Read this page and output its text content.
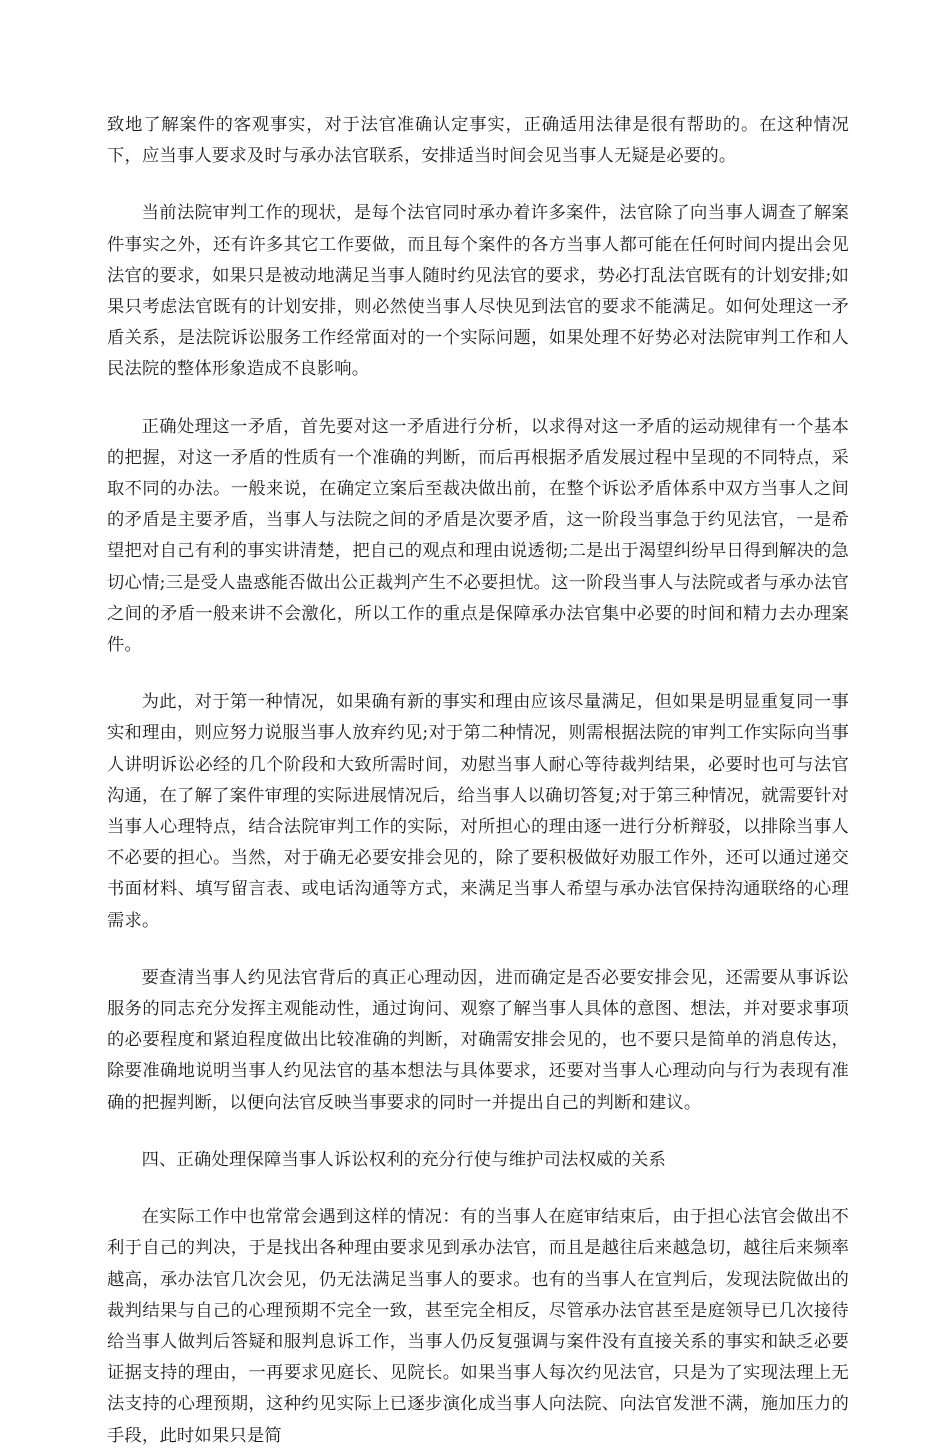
致地了解案件的客观事实，对于法官准确认定事实，正确适用法律是很有帮助的。在这种情况下，应当事人要求及时与承办法官联系，安排适当时间会见当事人无疑是必要的。

当前法院审判工作的现状，是每个法官同时承办着许多案件，法官除了向当事人调查了解案件事实之外，还有许多其它工作要做，而且每个案件的各方当事人都可能在任何时间内提出会见法官的要求，如果只是被动地满足当事人随时约见法官的要求，势必打乱法官既有的计划安排;如果只考虑法官既有的计划安排，则必然使当事人尽快见到法官的要求不能满足。如何处理这一矛盾关系，是法院诉讼服务工作经常面对的一个实际问题，如果处理不好势必对法院审判工作和人民法院的整体形象造成不良影响。

正确处理这一矛盾，首先要对这一矛盾进行分析，以求得对这一矛盾的运动规律有一个基本的把握，对这一矛盾的性质有一个准确的判断，而后再根据矛盾发展过程中呈现的不同特点，采取不同的办法。一般来说，在确定立案后至裁决做出前，在整个诉讼矛盾体系中双方当事人之间的矛盾是主要矛盾，当事人与法院之间的矛盾是次要矛盾，这一阶段当事急于约见法官，一是希望把对自己有利的事实讲清楚，把自己的观点和理由说透彻;二是出于渴望纠纷早日得到解决的急切心情;三是受人蛊惑能否做出公正裁判产生不必要担忧。这一阶段当事人与法院或者与承办法官之间的矛盾一般来讲不会激化，所以工作的重点是保障承办法官集中必要的时间和精力去办理案件。

为此，对于第一种情况，如果确有新的事实和理由应该尽量满足，但如果是明显重复同一事实和理由，则应努力说服当事人放弃约见;对于第二种情况，则需根据法院的审判工作实际向当事人讲明诉讼必经的几个阶段和大致所需时间，劝慰当事人耐心等待裁判结果，必要时也可与法官沟通，在了解了案件审理的实际进展情况后，给当事人以确切答复;对于第三种情况，就需要针对当事人心理特点，结合法院审判工作的实际，对所担心的理由逐一进行分析辩驳，以排除当事人不必要的担心。当然，对于确无必要安排会见的，除了要积极做好劝服工作外，还可以通过递交书面材料、填写留言表、或电话沟通等方式，来满足当事人希望与承办法官保持沟通联络的心理需求。

要查清当事人约见法官背后的真正心理动因，进而确定是否必要安排会见，还需要从事诉讼服务的同志充分发挥主观能动性，通过询问、观察了解当事人具体的意图、想法，并对要求事项的必要程度和紧迫程度做出比较准确的判断，对确需安排会见的，也不要只是简单的消息传达，除要准确地说明当事人约见法官的基本想法与具体要求，还要对当事人心理动向与行为表现有准确的把握判断，以便向法官反映当事要求的同时一并提出自己的判断和建议。

四、正确处理保障当事人诉讼权利的充分行使与维护司法权威的关系

在实际工作中也常常会遇到这样的情况：有的当事人在庭审结束后，由于担心法官会做出不利于自己的判决，于是找出各种理由要求见到承办法官，而且是越往后来越急切，越往后来频率越高，承办法官几次会见，仍无法满足当事人的要求。也有的当事人在宣判后，发现法院做出的裁判结果与自己的心理预期不完全一致，甚至完全相反，尽管承办法官甚至是庭领导已几次接待给当事人做判后答疑和服判息诉工作，当事人仍反复强调与案件没有直接关系的事实和缺乏必要证据支持的理由，一再要求见庭长、见院长。如果当事人每次约见法官，只是为了实现法理上无法支持的心理预期，这种约见实际上已逐步演化成当事人向法院、向法官发泄不满，施加压力的手段，此时如果只是简
